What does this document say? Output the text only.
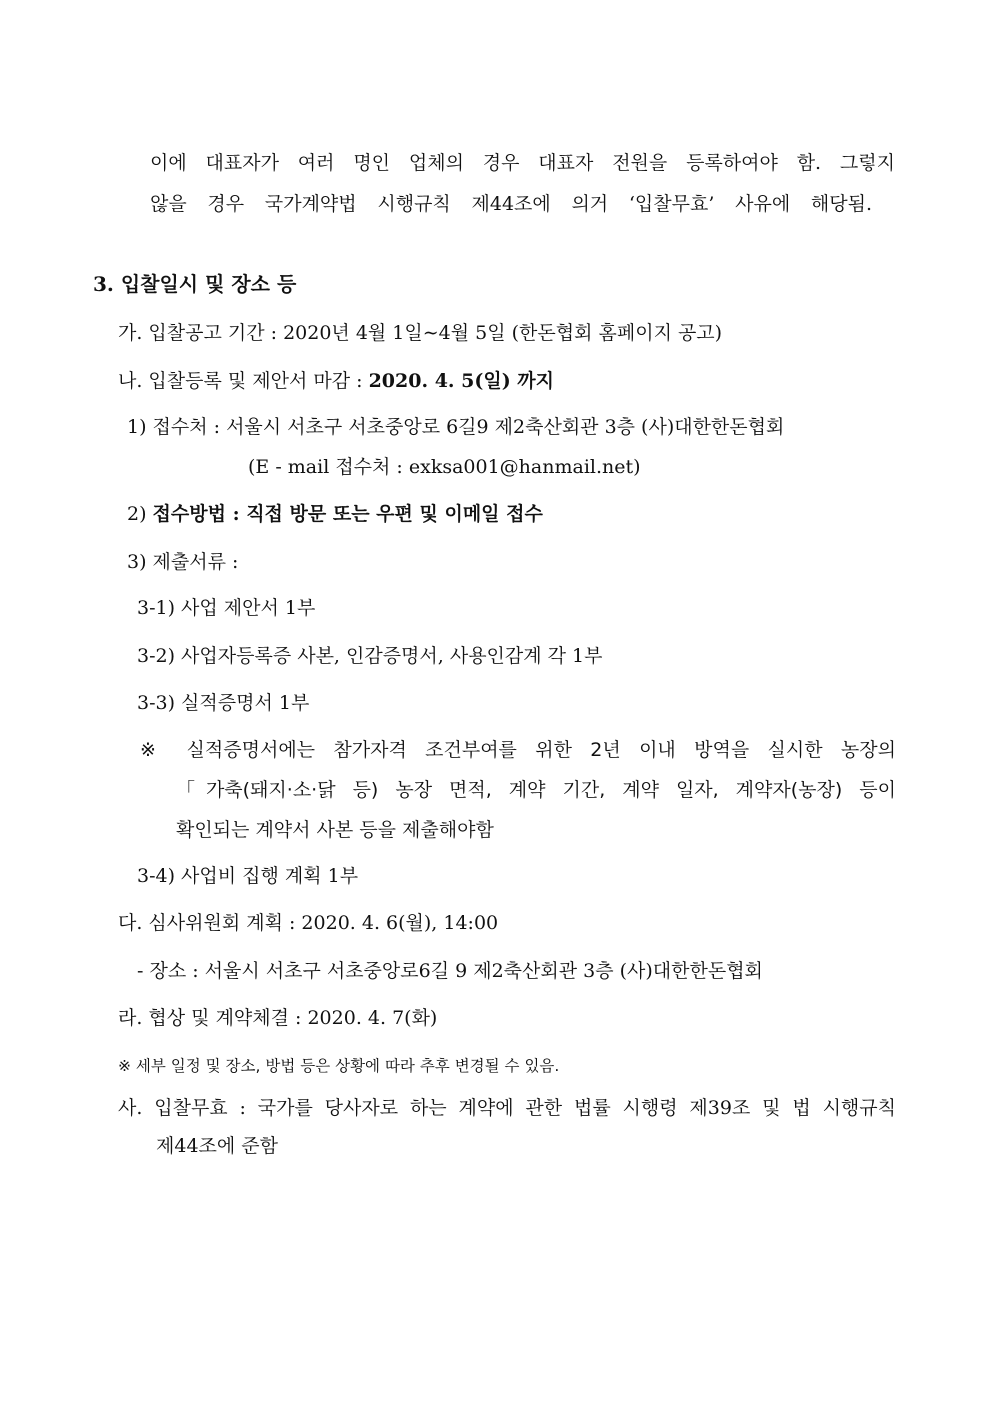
이에 대표자가 여러 명인 업체의 경우 대표자 전원을 등록하여야 함. 그렇지
않을 경우 국가계약법 시행규칙 제44조에 의거 ‘입찰무효’ 사유에 해당됨.
3. 입찰일시 및 장소 등
가. 입찰공고 기간 : 2020년 4월 1일∼4월 5일 (한돈협회 홈페이지 공고)
나. 입찰등록 및 제안서 마감 : 2020. 4. 5(일) 까지
1) 접수처 : 서울시 서초구 서초중앙로 6길9 제2축산회관 3층 (사)대한한돈협회
(E - mail 접수처 : exksa001@hanmail.net)
2) 접수방법 : 직접 방문 또는 우편 및 이메일 접수
3) 제출서류 :
3-1) 사업 제안서 1부
3-2) 사업자등록증 사본, 인감증명서, 사용인감계 각 1부
3-3) 실적증명서 1부
※ 실적증명서에는 참가자격 조건부여를 위한 2년 이내 방역을 실시한 농장의
「가축(돼지·소·닭 등) 농장 면적, 계약 기간, 계약 일자, 계약자(농장) 등이
확인되는 계약서 사본 등을 제출해야함
3-4) 사업비 집행 계획 1부
다. 심사위원회 계획 : 2020. 4. 6(월), 14:00
- 장소 : 서울시 서초구 서초중앙로6길 9 제2축산회관 3층 (사)대한한돈협회
라. 협상 및 계약체결 : 2020. 4. 7(화)
※ 세부 일정 및 장소, 방법 등은 상황에 따라 추후 변경될 수 있음.
사. 입찰무효 : 국가를 당사자로 하는 계약에 관한 법률 시행령 제39조 및 법 시행규칙
제44조에 준함
